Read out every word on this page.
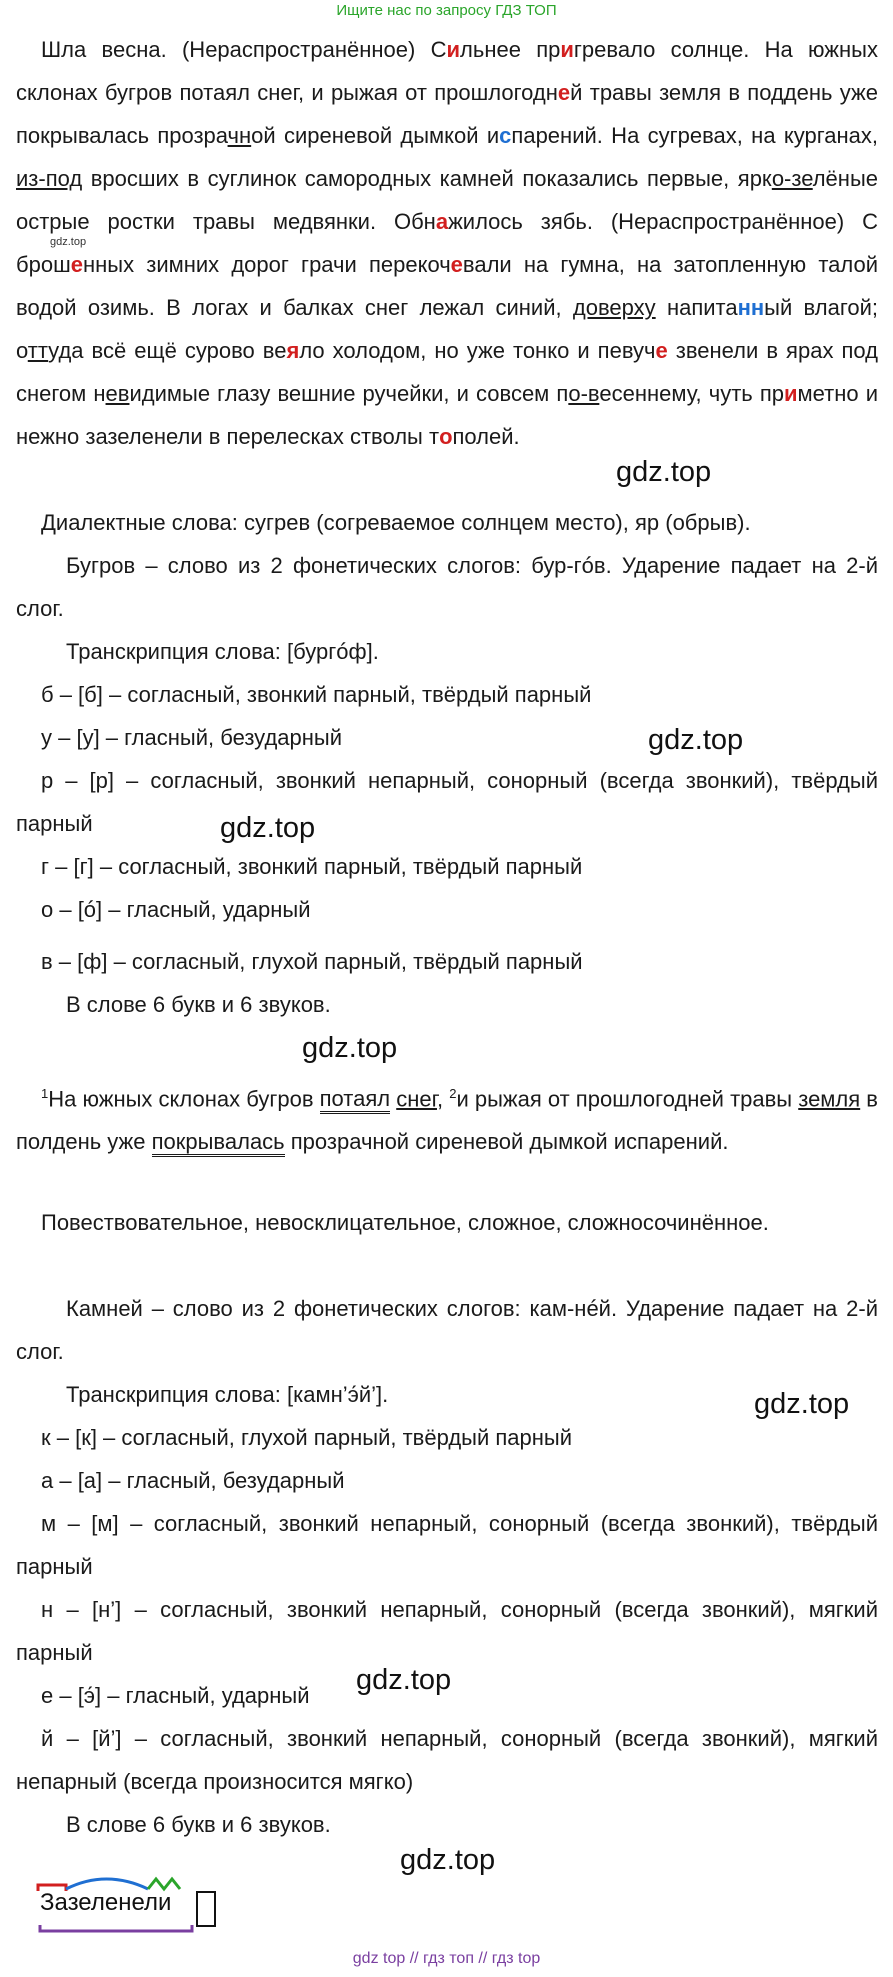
Ищите нас по запросу ГДЗ ТОП
Шла весна. (Нераспространённое) Сильнее пригревало солнце. На южных склонах бугров потаял снег, и рыжая от прошлогодней травы земля в поддень уже покрывалась прозрачной сиреневой дымкой испарений. На сугревах, на курганах, из-под вросших в суглинок самородных камней показались первые, ярко-зелёные острые ростки травы медвянки. Обнажилось зябь. (Нераспространённое) С брошенных зимних дорог грачи перекочевали на гумна, на затопленную талой водой озимь. В логах и балках снег лежал синий, доверху напитанный влагой; оттуда всё ещё сурово веяло холодом, но уже тонко и певуче звенели в ярах под снегом невидимые глазу вешние ручейки, и совсем по-весеннему, чуть приметно и нежно зазеленели в перелесках стволы тополей.
gdz.top
gdz.top
Диалектные слова: сугрев (согреваемое солнцем место), яр (обрыв).
Бугров – слово из 2 фонетических слогов: бур-гóв. Ударение падает на 2-й слог.
Транскрипция слова: [бургóф].
б – [б] – согласный, звонкий парный, твёрдый парный
у – [у] – гласный, безударный	gdz.top
р – [р] – согласный, звонкий непарный, сонорный (всегда звонкий), твёрдый парный	gdz.top
г – [г] – согласный, звонкий парный, твёрдый парный
о – [ó] – гласный, ударный
в – [ф] – согласный, глухой парный, твёрдый парный
В слове 6 букв и 6 звуков.
gdz.top
$^1$На южных склонах бугров потаял снег, $^2$и рыжая от прошлогодней травы земля в полдень уже покрывалась прозрачной сиреневой дымкой испарений.
Повествовательное, невосклицательное, сложное, сложносочинённое.
Камней – слово из 2 фонетических слогов: кам-нéй. Ударение падает на 2-й слог.
Транскрипция слова: [камн’э́й’].	gdz.top
к – [к] – согласный, глухой парный, твёрдый парный
а – [а] – гласный, безударный
м – [м] – согласный, звонкий непарный, сонорный (всегда звонкий), твёрдый парный
н – [н’] – согласный, звонкий непарный, сонорный (всегда звонкий), мягкий парный
е – [э́] – гласный, ударный	gdz.top
й – [й’] – согласный, звонкий непарный, сонорный (всегда звонкий), мягкий непарный (всегда произносится мягко)
В слове 6 букв и 6 звуков.
gdz.top
Зазеленели
gdz top // гдз топ // гдз top
